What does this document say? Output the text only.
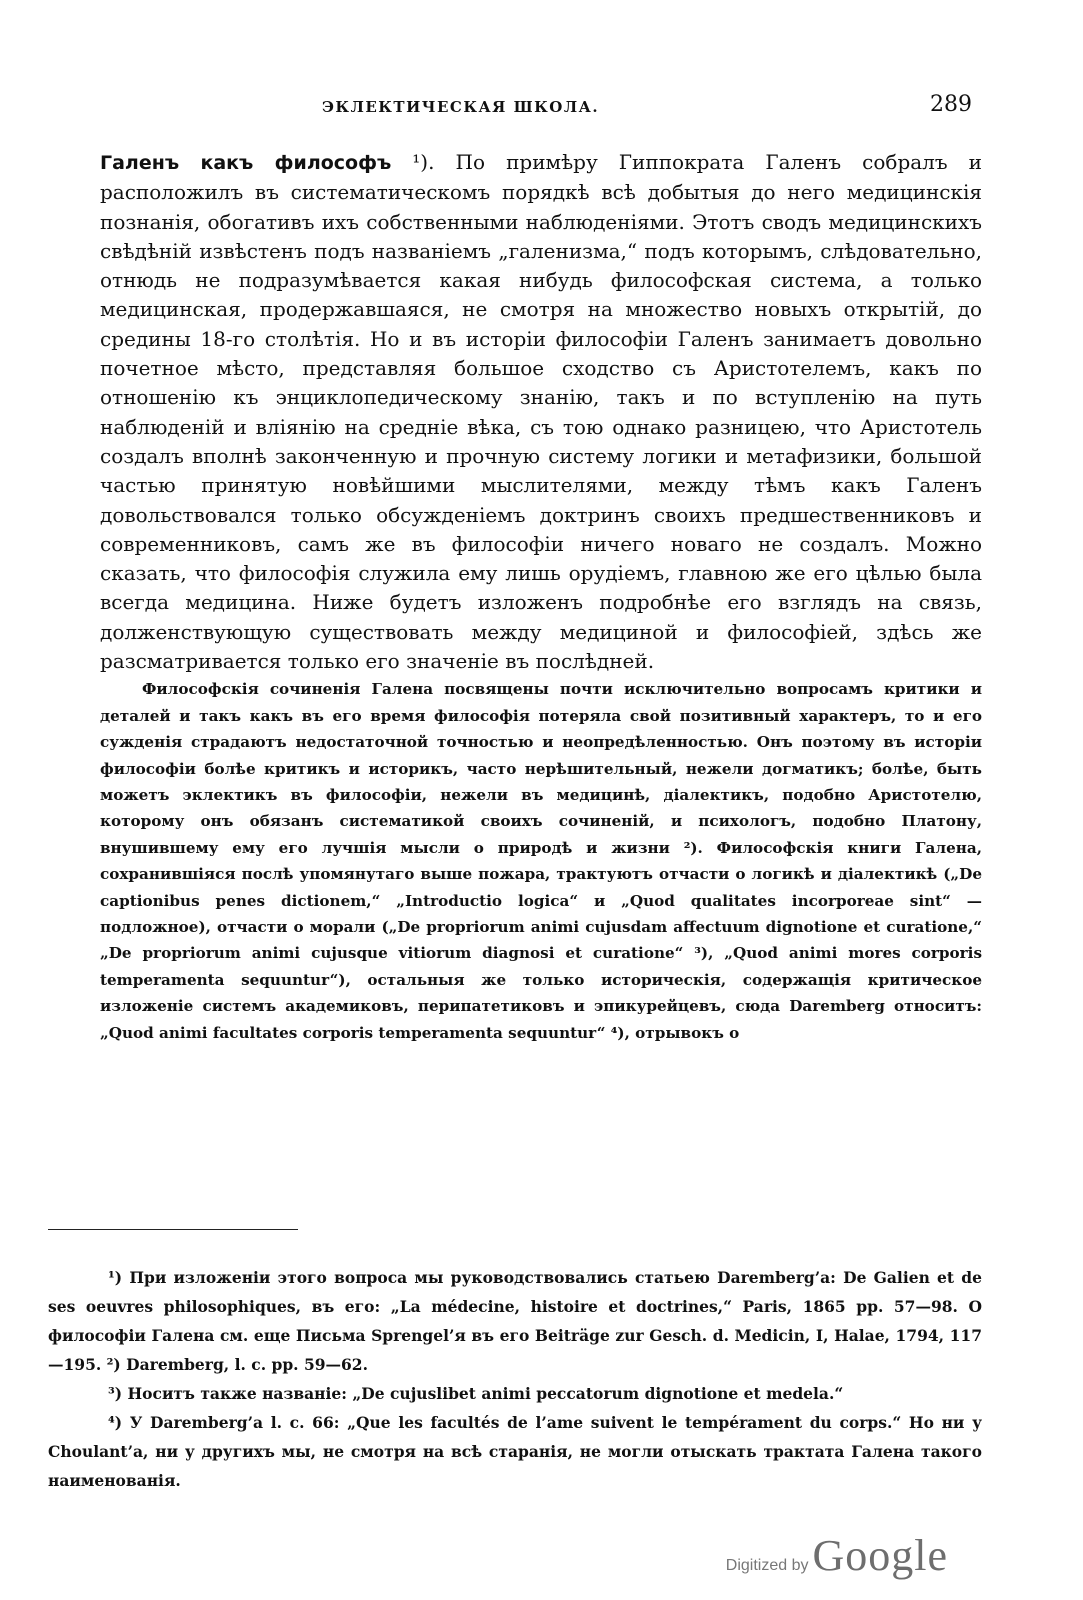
ЭКЛЕКТИЧЕСКАЯ ШКОЛА.	289

Галенъ какъ философъ ¹). По примѣру Гиппократа Галенъ собралъ и расположилъ въ систематическомъ порядкѣ всѣ добытыя до него медицинскія познанія, обогативъ ихъ собственными наблюденіями. Этотъ сводъ медицинскихъ свѣдѣній извѣстенъ подъ названіемъ „галенизма,“ подъ которымъ, слѣдовательно, отнюдь не подразумѣвается какая нибудь философская система, а только медицинская, продержавшаяся, не смотря на множество новыхъ открытій, до средины 18-го столѣтія. Но и въ исторіи философіи Галенъ занимаетъ довольно почетное мѣсто, представляя большое сходство съ Аристотелемъ, какъ по отношенію къ энциклопедическому знанію, такъ и по вступленію на путь наблюденій и вліянію на средніе вѣка, съ тою однако разницею, что Аристотель создалъ вполнѣ законченную и прочную систему логики и метафизики, большой частью принятую новѣйшими мыслителями, между тѣмъ какъ Галенъ довольствовался только обсужденіемъ доктринъ своихъ предшественниковъ и современниковъ, самъ же въ философіи ничего новаго не создалъ. Можно сказать, что философія служила ему лишь орудіемъ, главною же его цѣлью была всегда медицина. Ниже будетъ изложенъ подробнѣе его взглядъ на связь, долженствующую существовать между медициной и философіей, здѣсь же разсматривается только его значеніе въ послѣдней.

Философскія сочиненія Галена посвящены почти исключительно вопросамъ критики и деталей и такъ какъ въ его время философія потеряла свой позитивный характеръ, то и его сужденія страдаютъ недостаточной точностью и неопредѣленностью. Онъ поэтому въ исторіи философіи болѣе критикъ и историкъ, часто нерѣшительный, нежели догматикъ; болѣе, быть можетъ эклектикъ въ философіи, нежели въ медицинѣ, діалектикъ, подобно Аристотелю, которому онъ обязанъ систематикой своихъ сочиненій, и психологъ, подобно Платону, внушившему ему его лучшія мысли о природѣ и жизни ²). Философскія книги Галена, сохранившіяся послѣ упомянутаго выше пожара, трактуютъ отчасти о логикѣ и діалектикѣ („De captionibus penes dictionem,“ „Introductio logica“ и „Quod qualitates incorporeae sint“ — подложное), отчасти о морали („De propriorum animi cujusdam affectuum dignotione et curatione,“ „De propriorum animi cujusque vitiorum diagnosi et curatione“ ³), „Quod animi mores corporis temperamenta sequuntur“), остальныя же только историческія, содержащія критическое изложеніе системъ академиковъ, перипатетиковъ и эпикурейцевъ, сюда Daremberg относитъ: „Quod animi facultates corporis temperamenta sequuntur“ ⁴), отрывокъ о

¹) При изложеніи этого вопроса мы руководствовались статьею Daremberg’а: De Galien et de ses oeuvres philosophiques, въ его: „La médecine, histoire et doctrines,“ Paris, 1865 pp. 57—98. О философіи Галена см. еще Письма Sprengel’я въ его Beiträge zur Gesch. d. Medicin, I, Halae, 1794, 117—195. ²) Daremberg, l. c. pp. 59—62.

³) Носитъ также названіе: „De cujuslibet animi peccatorum dignotione et medela.“

⁴) У Daremberg’а l. c. 66: „Que les facultés de l’ame suivent le tempérament du corps.“ Но ни у Choulant’а, ни у другихъ мы, не смотря на всѣ старанія, не могли отыскать трактата Галена такого наименованія.

Digitized by Google
